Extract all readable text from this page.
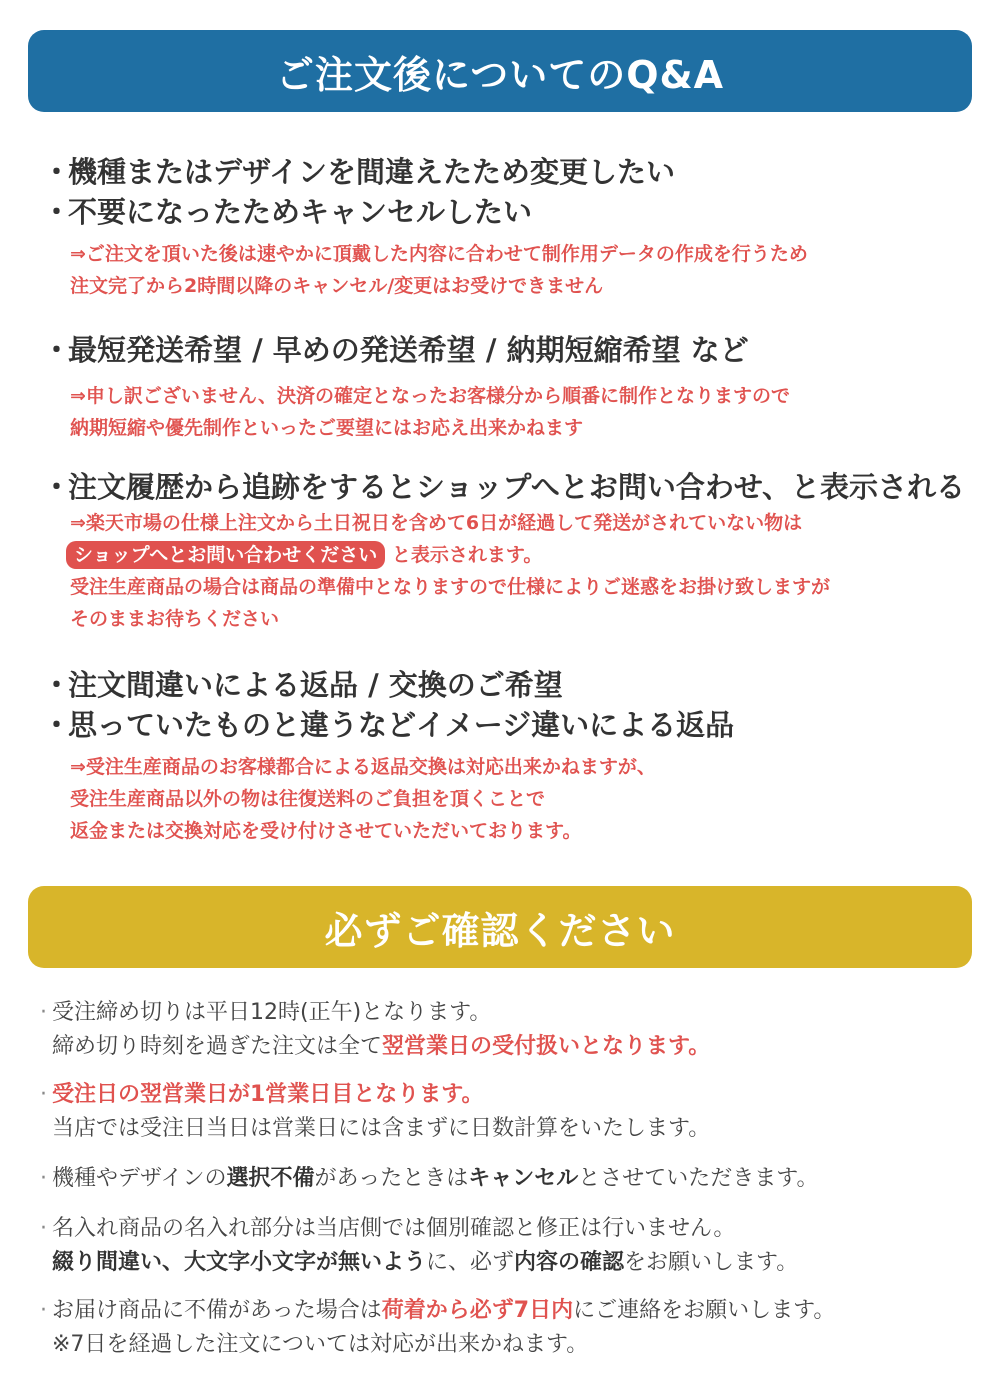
ご注文後についてのQ&A
・機種またはデザインを間違えたため変更したい
・不要になったためキャンセルしたい
⇒ご注文を頂いた後は速やかに頂戴した内容に合わせて制作用データの作成を行うため
注文完了から2時間以降のキャンセル/変更はお受けできません
・最短発送希望 / 早めの発送希望 / 納期短縮希望 など
⇒申し訳ございません、決済の確定となったお客様分から順番に制作となりますので
納期短縮や優先制作といったご要望にはお応え出来かねます
・注文履歴から追跡をするとショップへとお問い合わせ、と表示される
⇒楽天市場の仕様上注文から土日祝日を含めて6日が経過して発送がされていない物は
ショップへとお問い合わせください と表示されます。
受注生産商品の場合は商品の準備中となりますので仕様によりご迷惑をお掛け致しますが
そのままお待ちください
・注文間違いによる返品 / 交換のご希望
・思っていたものと違うなどイメージ違いによる返品
⇒受注生産商品のお客様都合による返品交換は対応出来かねますが、
受注生産商品以外の物は往復送料のご負担を頂くことで
返金または交換対応を受け付けさせていただいております。
必ずご確認ください
· 受注締め切りは平日12時(正午)となります。
締め切り時刻を過ぎた注文は全て翌営業日の受付扱いとなります。
· 受注日の翌営業日が1営業日目となります。
当店では受注日当日は営業日には含まずに日数計算をいたします。
· 機種やデザインの選択不備があったときはキャンセルとさせていただきます。
· 名入れ商品の名入れ部分は当店側では個別確認と修正は行いません。
綴り間違い、大文字小文字が無いように、必ず内容の確認をお願いします。
· お届け商品に不備があった場合は荷着から必ず7日内にご連絡をお願いします。
※7日を経過した注文については対応が出来かねます。
